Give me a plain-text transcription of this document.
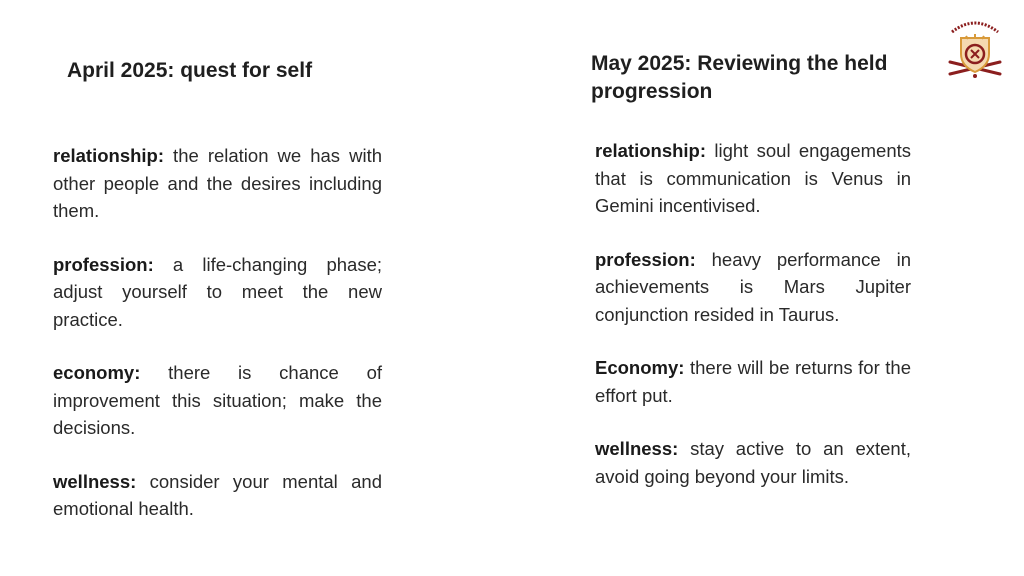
April 2025: quest for self	May 2025: Reviewing the held progression

relationship: the relation we has with other people and the desires including them.

profession: a life-changing phase; adjust yourself to meet the new practice.

economy: there is chance of improvement this situation; make the decisions.

wellness: consider your mental and emotional health.

relationship: light soul engagements that is communication is Venus in Gemini incentivised.

profession: heavy performance in achievements is Mars Jupiter conjunction resided in Taurus.

Economy: there will be returns for the effort put.

wellness: stay active to an extent, avoid going beyond your limits.
